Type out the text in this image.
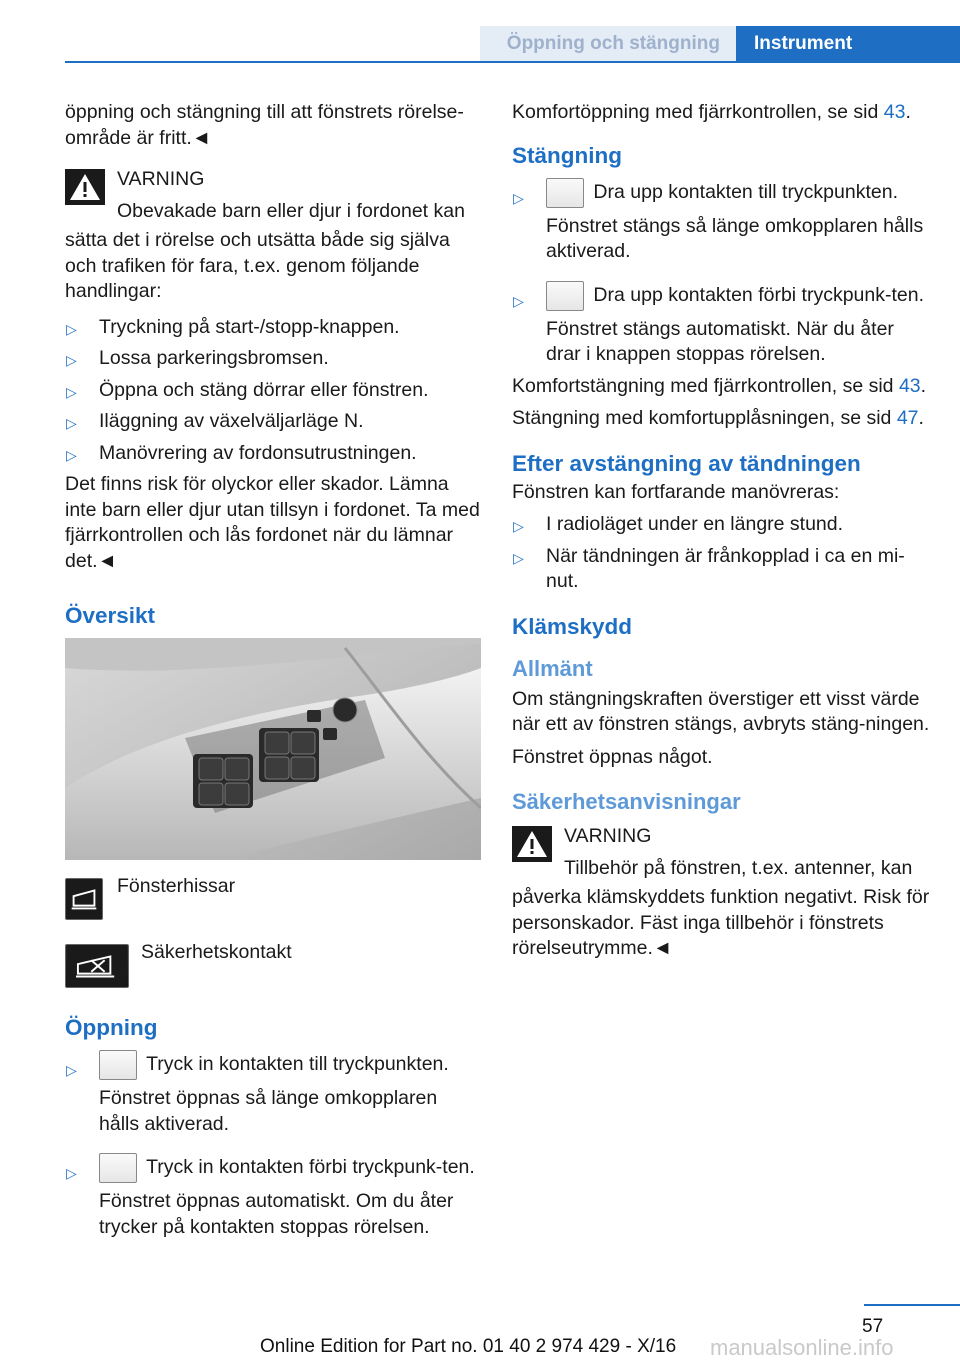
Öppning och stängning Instrument

öppning och stängning till att fönstrets rörelse-område är fritt.◄

VARNING
Obevakade barn eller djur i fordonet kan
sätta det i rörelse och utsätta både sig själva och trafiken för fara, t.ex. genom följande handlingar:
▷	Tryckning på start-/stopp-knappen.
▷	Lossa parkeringsbromsen.
▷	Öppna och stäng dörrar eller fönstren.
▷	Iläggning av växelväljarläge N.
▷	Manövrering av fordonsutrustningen.

Det finns risk för olyckor eller skador. Lämna inte barn eller djur utan tillsyn i fordonet. Ta med fjärrkontrollen och lås fordonet när du lämnar det.◄

Översikt
Fönsterhissar
Säkerhetskontakt
Öppning
▷	Tryck in kontakten till tryckpunkten.
Fönstret öppnas så länge omkopplaren hålls aktiverad.
▷	Tryck in kontakten förbi tryckpunk-ten.
Fönstret öppnas automatiskt. Om du åter trycker på kontakten stoppas rörelsen.

Komfortöppning med fjärrkontrollen, se sid 43.

Stängning
▷	Dra upp kontakten till tryckpunkten.
Fönstret stängs så länge omkopplaren hålls aktiverad.
▷	Dra upp kontakten förbi tryckpunk-ten.
Fönstret stängs automatiskt. När du åter drar i knappen stoppas rörelsen.

Komfortstängning med fjärrkontrollen, se sid 43.

Stängning med komfortupplåsningen, se sid 47.

Efter avstängning av tändningen

Fönstren kan fortfarande manövreras:

▷	I radioläget under en längre stund.
▷	När tändningen är frånkopplad i ca en mi-nut.
Klämskydd
Allmänt

Om stängningskraften överstiger ett visst värde när ett av fönstren stängs, avbryts stäng-ningen.

Fönstret öppnas något.

Säkerhetsanvisningar
VARNING
Tillbehör på fönstren, t.ex. antenner, kan
påverka klämskyddets funktion negativt. Risk för personskador. Fäst inga tillbehör i fönstrets rörelseutrymme.◄
57
Online Edition for Part no. 01 40 2 974 429 - X/16 manualsonline.info
